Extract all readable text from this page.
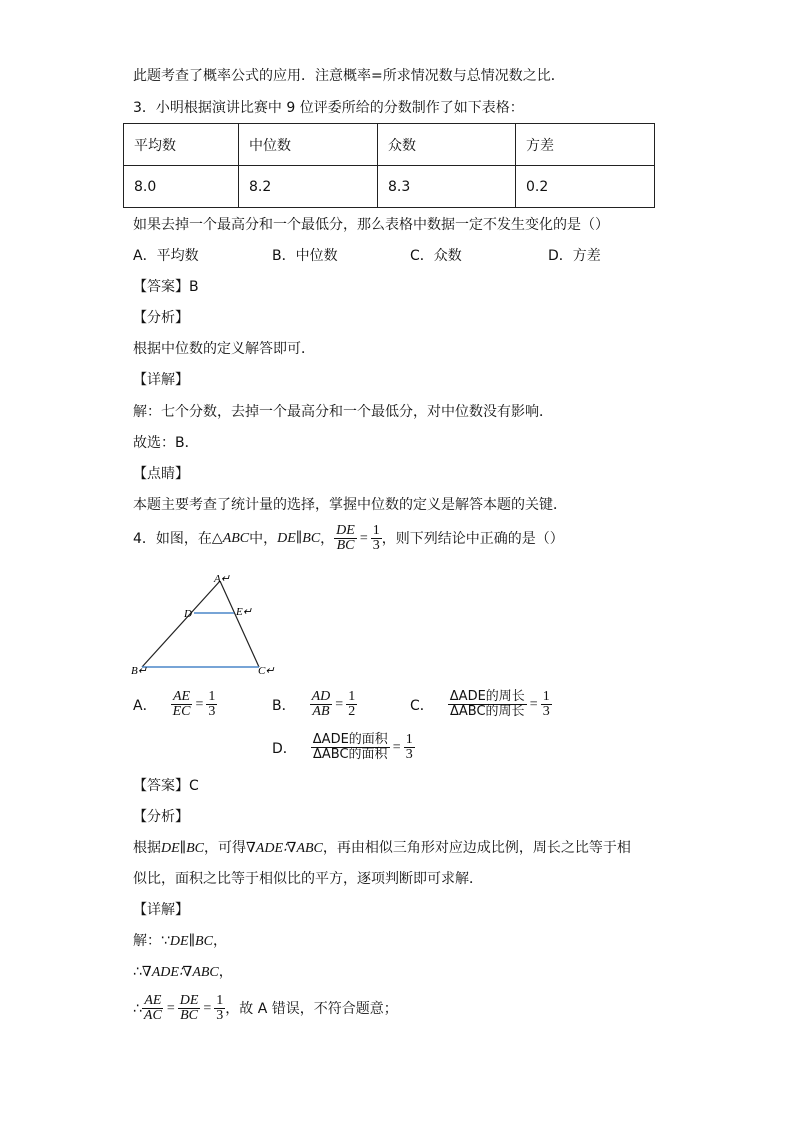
此题考查了概率公式的应用．注意概率=所求情况数与总情况数之比．
3．小明根据演讲比赛中 9 位评委所给的分数制作了如下表格：
平均数	中位数	众数	方差
8.0	8.2	8.3	0.2
如果去掉一个最高分和一个最低分，那么表格中数据一定不发生变化的是（）
A．平均数	B．中位数	C．众数	D．方差
【答案】B
【分析】
根据中位数的定义解答即可．
【详解】
解：七个分数，去掉一个最高分和一个最低分，对中位数没有影响．
故选：B．
【点睛】
本题主要考查了统计量的选择，掌握中位数的定义是解答本题的关键．
4．如图，在 △ABC 中， DE∥BC ， $\frac{DE}{BC} = \frac{1}{3}$ ，则下列结论中正确的是（）
A↵
D	E↵
B↵	C↵
A． $\frac{AE}{EC} = \frac{1}{3}$	B． $\frac{AD}{AB} = \frac{1}{2}$	C． $\frac{\text{ΔADE的周长}}{\text{ΔABC的周长}} = \frac{1}{3}$
D． $\frac{\text{ΔADE的面积}}{\text{ΔABC的面积}} = \frac{1}{3}$
【答案】C
【分析】
根据DE∥BC，可得∇ADE∶∇ABC，再由相似三角形对应边成比例，周长之比等于相
似比，面积之比等于相似比的平方，逐项判断即可求解．
【详解】
解：∵DE∥BC，
∴∇ADE∶∇ABC，
∴ $\frac{AE}{AC} = \frac{DE}{BC} = \frac{1}{3}$ ，故 A 错误，不符合题意；
